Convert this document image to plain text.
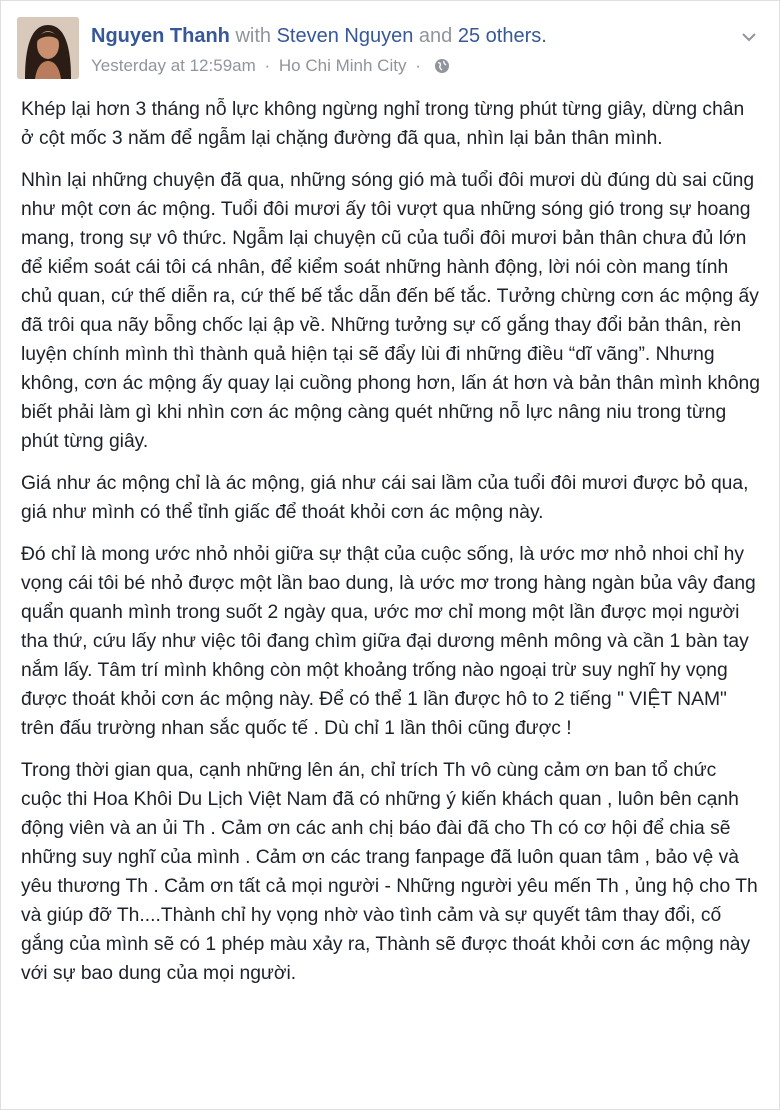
Nguyen Thanh with Steven Nguyen and 25 others.
Yesterday at 12:59am · Ho Chi Minh City ·

Khép lại hơn 3 tháng nỗ lực không ngừng nghỉ trong từng phút từng giây, dừng chân ở cột mốc 3 năm để ngẫm lại chặng đường đã qua, nhìn lại bản thân mình.

Nhìn lại những chuyện đã qua, những sóng gió mà tuổi đôi mươi dù đúng dù sai cũng như một cơn ác mộng. Tuổi đôi mươi ấy tôi vượt qua những sóng gió trong sự hoang mang, trong sự vô thức. Ngẫm lại chuyện cũ của tuổi đôi mươi bản thân chưa đủ lớn để kiểm soát cái tôi cá nhân, để kiểm soát những hành động, lời nói còn mang tính chủ quan, cứ thế diễn ra, cứ thế bế tắc dẫn đến bế tắc. Tưởng chừng cơn ác mộng ấy đã trôi qua nãy bỗng chốc lại ập về. Những tưởng sự cố gắng thay đổi bản thân, rèn luyện chính mình thì thành quả hiện tại sẽ đẩy lùi đi những điều “dĩ vãng”. Nhưng không, cơn ác mộng ấy quay lại cuồng phong hơn, lấn át hơn và bản thân mình không biết phải làm gì khi nhìn cơn ác mộng càng quét những nỗ lực nâng niu trong từng phút từng giây.

Giá như ác mộng chỉ là ác mộng, giá như cái sai lầm của tuổi đôi mươi được bỏ qua, giá như mình có thể tỉnh giấc để thoát khỏi cơn ác mộng này.

Đó chỉ là mong ước nhỏ nhỏi giữa sự thật của cuộc sống, là ước mơ nhỏ nhoi chỉ hy vọng cái tôi bé nhỏ được một lần bao dung, là ước mơ trong hàng ngàn bủa vây đang quẩn quanh mình trong suốt 2 ngày qua, ước mơ chỉ mong một lần được mọi người tha thứ, cứu lấy như việc tôi đang chìm giữa đại dương mênh mông và cần 1 bàn tay nắm lấy. Tâm trí mình không còn một khoảng trống nào ngoại trừ suy nghĩ hy vọng được thoát khỏi cơn ác mộng này. Để có thể 1 lần được hô to 2 tiếng " VIỆT NAM" trên đấu trường nhan sắc quốc tế . Dù chỉ 1 lần thôi cũng được !

Trong thời gian qua, cạnh những lên án, chỉ trích Th vô cùng cảm ơn ban tổ chức cuộc thi Hoa Khôi Du Lịch Việt Nam đã có những ý kiến khách quan , luôn bên cạnh động viên và an ủi Th . Cảm ơn các anh chị báo đài đã cho Th có cơ hội để chia sẽ những suy nghĩ của mình . Cảm ơn các trang fanpage đã luôn quan tâm , bảo vệ và yêu thương Th . Cảm ơn tất cả mọi người - Những người yêu mến Th , ủng hộ cho Th và giúp đỡ Th....Thành chỉ hy vọng nhờ vào tình cảm và sự quyết tâm thay đổi, cố gắng của mình sẽ có 1 phép màu xảy ra, Thành sẽ được thoát khỏi cơn ác mộng này với sự bao dung của mọi người.
